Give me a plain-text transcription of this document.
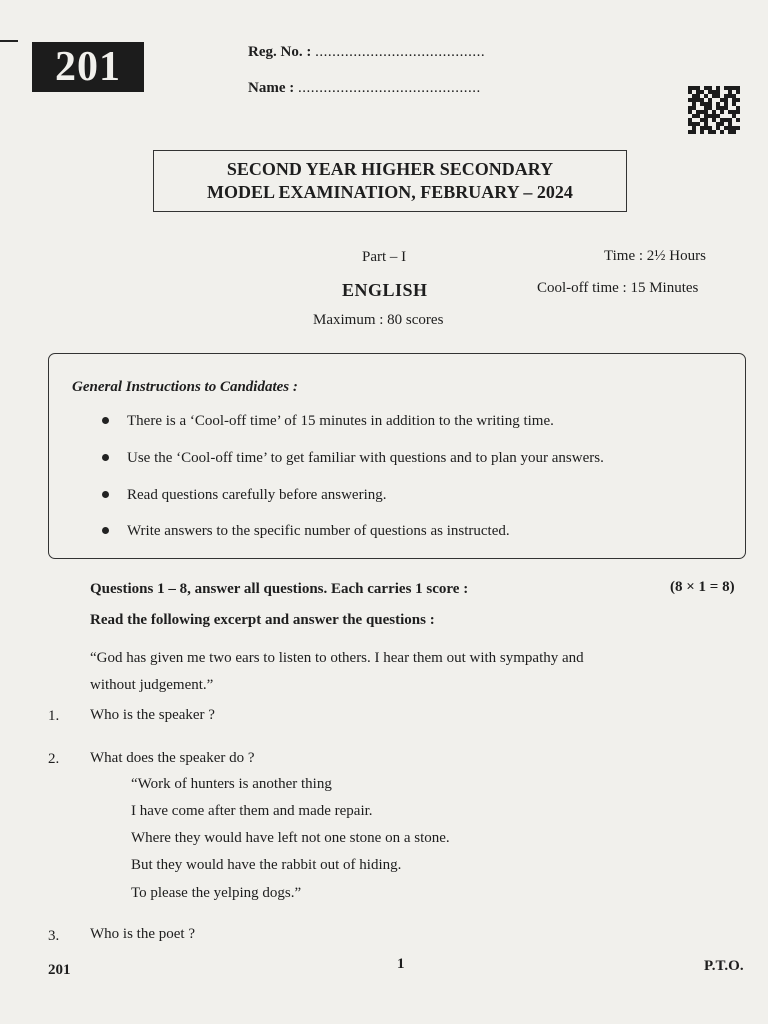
201	Reg. No. : ........................................
Name : ...........................................
SECOND YEAR HIGHER SECONDARY
MODEL EXAMINATION, FEBRUARY – 2024
Part – I
ENGLISH
Maximum : 80 scores
Time : 2½ Hours
Cool-off time : 15 Minutes
General Instructions to Candidates :
There is a ‘Cool-off time’ of 15 minutes in addition to the writing time.
Use the ‘Cool-off time’ to get familiar with questions and to plan your answers.
Read questions carefully before answering.
Write answers to the specific number of questions as instructed.
Questions 1 – 8, answer all questions. Each carries 1 score :	(8 × 1 = 8)
Read the following excerpt and answer the questions :
“God has given me two ears to listen to others. I hear them out with sympathy and
without judgement.”
1. Who is the speaker ?
2. What does the speaker do ?
“Work of hunters is another thing
I have come after them and made repair.
Where they would have left not one stone on a stone.
But they would have the rabbit out of hiding.
To please the yelping dogs.”
3. Who is the poet ?
201	1	P.T.O.
